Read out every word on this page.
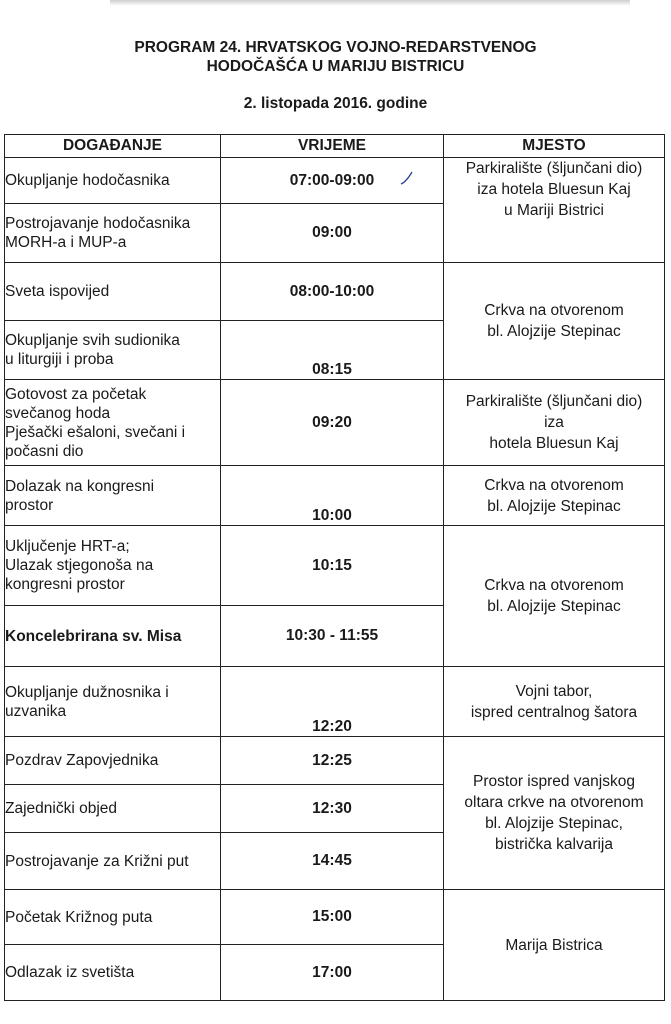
PROGRAM 24. HRVATSKOG VOJNO-REDARSTVENOG
HODOČAŠĆA U MARIJU BISTRICU
2. listopada 2016. godine
DOGAĐANJE	VRIJEME	MJESTO

Okupljanje hodočasnika	07:00-09:00	Parkiralište (šljunčani dio)
iza hotela Bluesun Kaj
u Mariji Bistrici

Postrojavanje hodočasnika
MORH-a i MUP-a	09:00	

Sveta ispovijed	08:00-10:00	Crkva na otvorenom
bl. Alojzije Stepinac

Okupljanje svih sudionika
u liturgiji i proba	08:15	

Gotovost za početak
svečanog hoda
Pješački ešaloni, svečani i
počasni dio	09:20	Parkiralište (šljunčani dio)
iza
hotela Bluesun Kaj

Dolazak na kongresni
prostor	10:00	Crkva na otvorenom
bl. Alojzije Stepinac

Uključenje HRT-a;
Ulazak stjegonoša na
kongresni prostor	10:15	Crkva na otvorenom
bl. Alojzije Stepinac

Koncelebrirana sv. Misa	10:30 - 11:55	

Okupljanje dužnosnika i
uzvanika	12:20	Vojni tabor,
ispred centralnog šatora

Pozdrav Zapovjednika	12:25	Prostor ispred vanjskog
oltara crkve na otvorenom
bl. Alojzije Stepinac,
bistrička kalvarija

Zajednički objed	12:30	

Postrojavanje za Križni put	14:45	

Početak Križnog puta	15:00	Marija Bistrica

Odlazak iz svetišta	17:00	
